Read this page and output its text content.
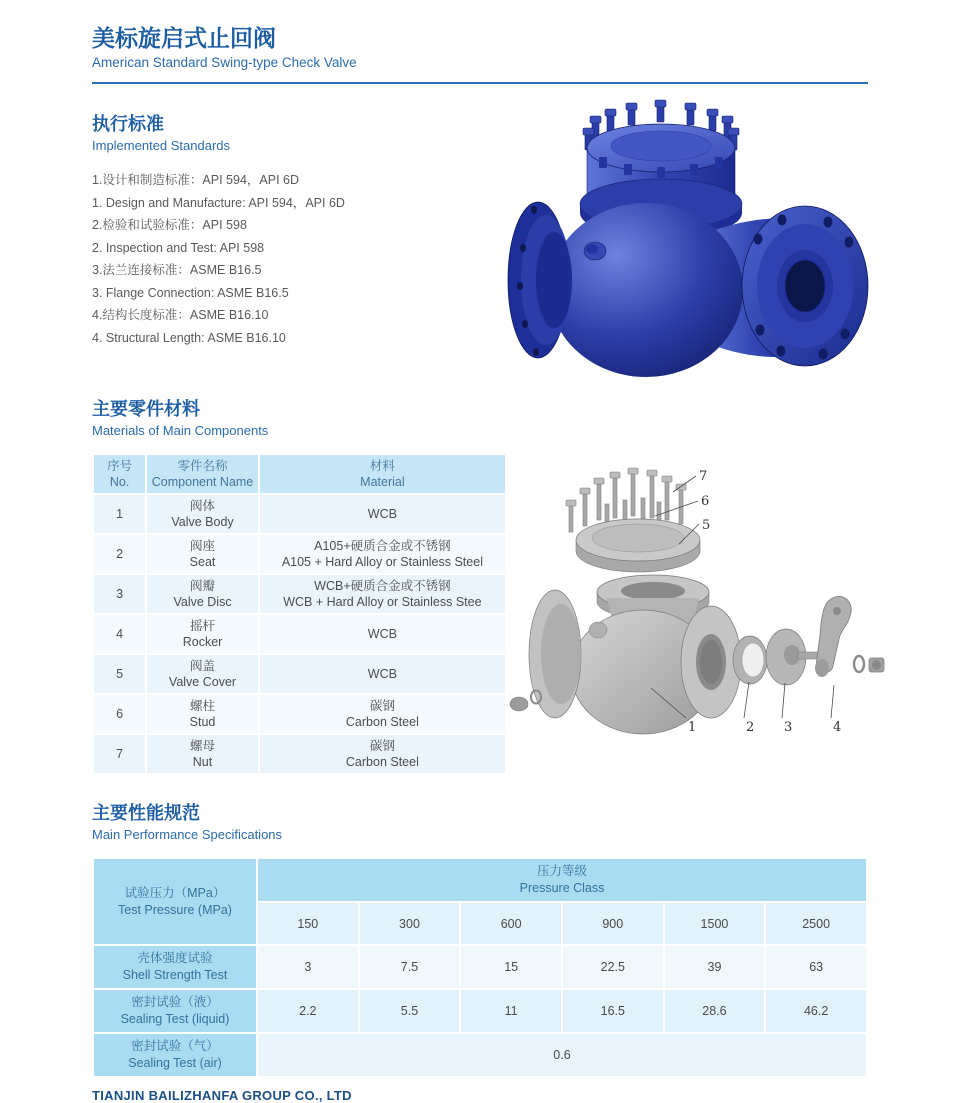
美标旋启式止回阀
American Standard Swing-type Check Valve
执行标准
Implemented Standards
1.设计和制造标准：API 594，API 6D
1. Design and Manufacture: API 594，API 6D
2.检验和试验标准：API 598
2. Inspection and Test: API 598
3.法兰连接标准：ASME B16.5
3. Flange Connection: ASME B16.5
4.结构长度标准：ASME B16.10
4. Structural Length: ASME B16.10
主要零件材料
Materials of Main Components
序号
No.	零件名称
Component Name	材料
Material

1	阀体
Valve Body	WCB

2	阀座
Seat	A105+硬质合金或不锈钢
A105 + Hard Alloy or Stainless Steel

3	阀瓣
Valve Disc	WCB+硬质合金或不锈钢
WCB + Hard Alloy or Stainless Stee

4	摇杆
Rocker	WCB

5	阀盖
Valve Cover	WCB

6	螺柱
Stud	碳钢
Carbon Steel

7	螺母
Nut	碳钢
Carbon Steel
7
6
5
1	2 3	4
主要性能规范
Main Performance Specifications
试验压力（MPa）
Test Pressure (MPa)	压力等级
Pressure Class					

	150	300	600	900	1500	2500

壳体强度试验
Shell Strength Test	3	7.5	15	22.5	39	63

密封试验（液）
Sealing Test (liquid)	2.2	5.5	11	16.5	28.6	46.2

密封试验（气）
Sealing Test (air)	0.6					
TIANJIN BAILIZHANFA GROUP CO., LTD
